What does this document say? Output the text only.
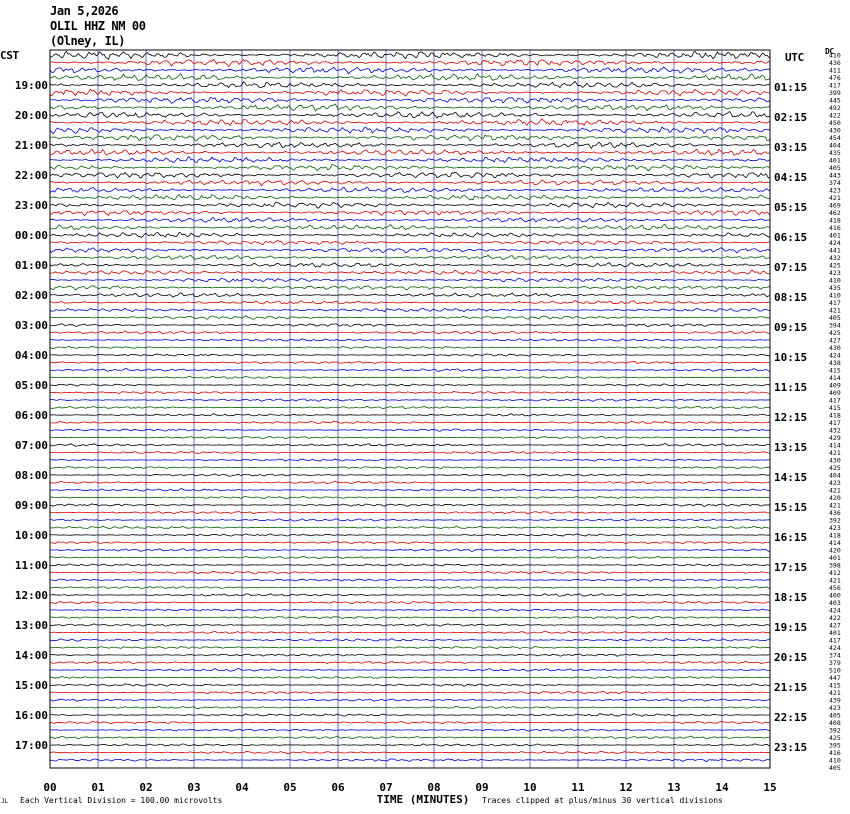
00	01	02	03	04	05	06	07	08	09	10	11	12	13	14	15
19:00
20:00
21:00
22:00
23:00
00:00
01:00
02:00
03:00
04:00
05:00
06:00
07:00
08:00
09:00
10:00
11:00
12:00
13:00
14:00
15:00
16:00
17:00
01:15
02:15
03:15
04:15
05:15
06:15
07:15
08:15
09:15
10:15
11:15
12:15
13:15
14:15
15:15
16:15
17:15
18:15
19:15
20:15
21:15
22:15
23:15
410
436
411
476
417
399
445
492
422
450
430
454
404
435
401
405
443
374
423
421
469
462
418
416
401
424
441
432
425
423
410
435
410
417
421
405
394
425
427
430
424
438
415
414
409
409
417
415
418
417
432
429
414
421
430
425
404
423
421
420
421
436
392
423
418
414
420
401
398
412
421
456
400
403
424
422
427
401
417
424
374
379
510
447
415
421
439
423
405
408
392
425
395
416
410
405
TIME (MINUTES)
Jan 5,2026
OLIL HHZ NM 00
(Olney, IL)
CST	UTC	DC
JL Each Vertical Division = 100.00 microvolts	Traces clipped at plus/minus 30 vertical divisions
